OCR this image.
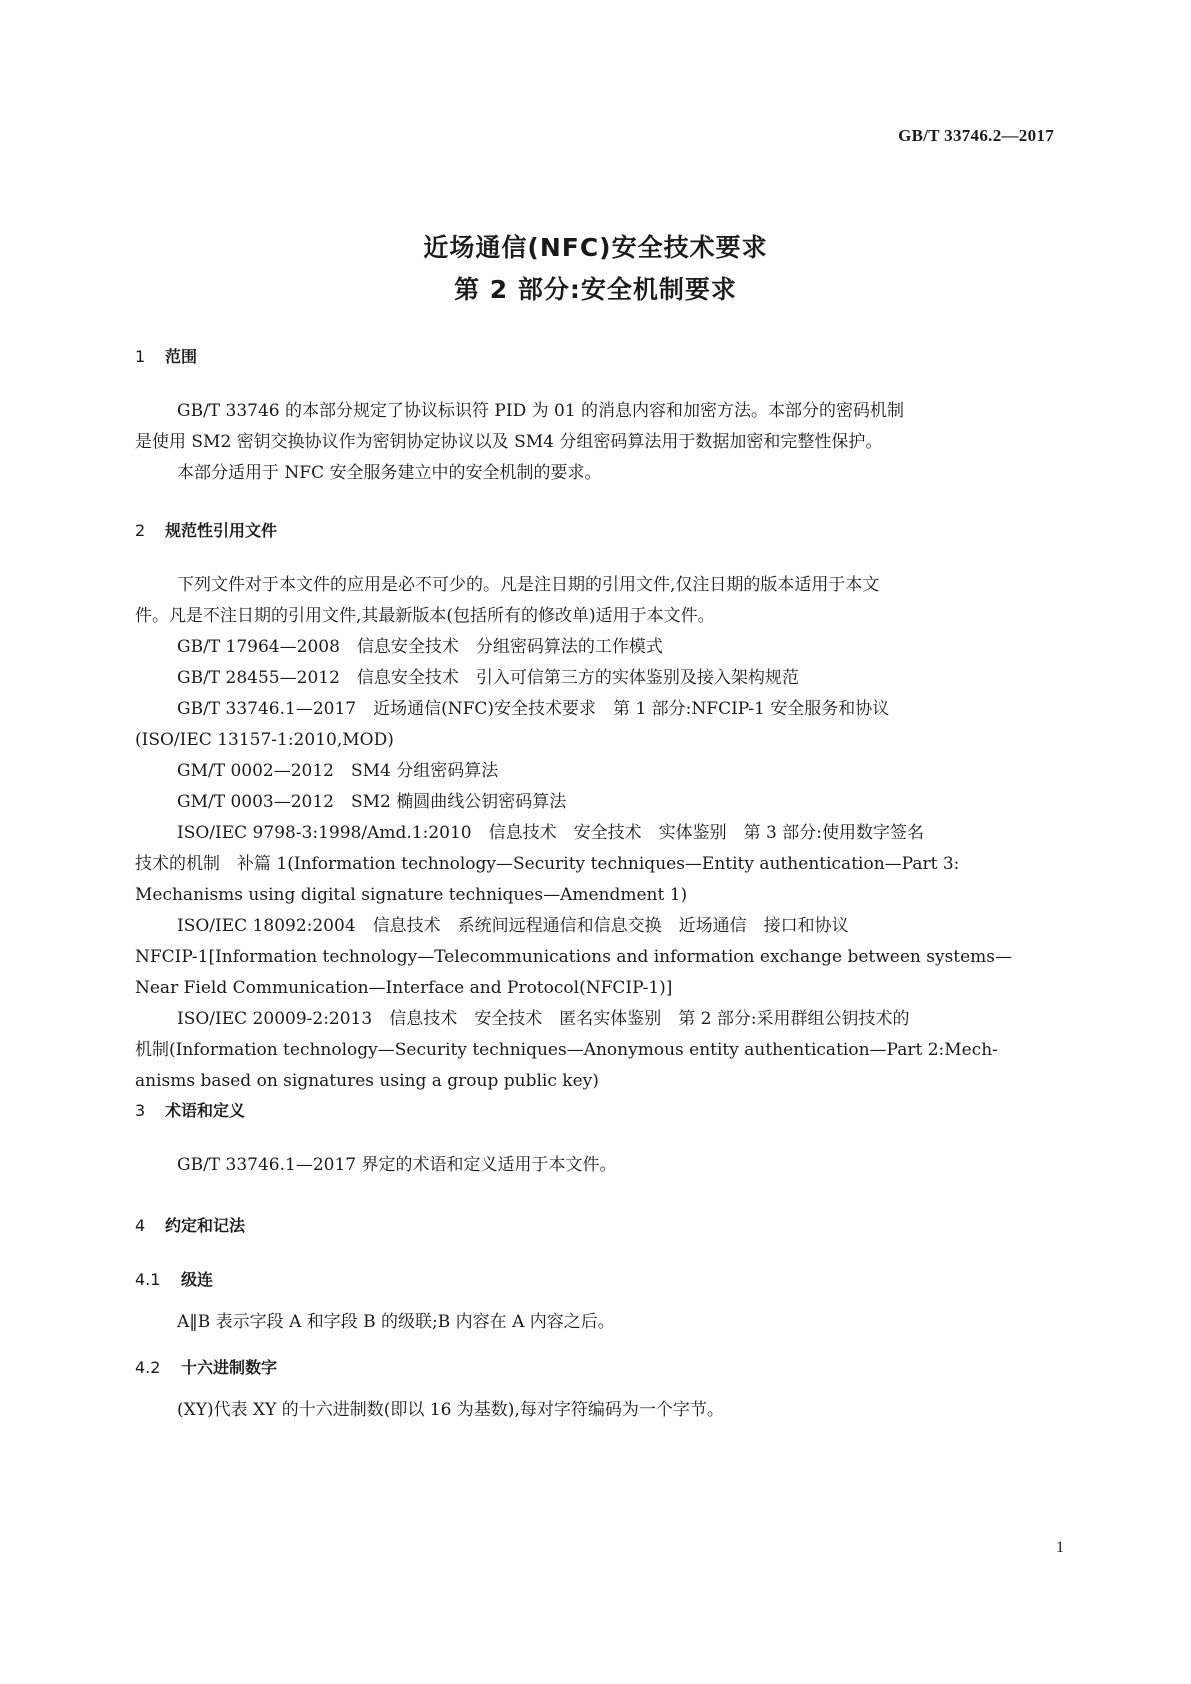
GB/T 33746.2—2017
近场通信(NFC)安全技术要求
第 2 部分:安全机制要求
1 范围
GB/T 33746 的本部分规定了协议标识符 PID 为 01 的消息内容和加密方法。本部分的密码机制
是使用 SM2 密钥交换协议作为密钥协定协议以及 SM4 分组密码算法用于数据加密和完整性保护。
本部分适用于 NFC 安全服务建立中的安全机制的要求。
2 规范性引用文件
下列文件对于本文件的应用是必不可少的。凡是注日期的引用文件,仅注日期的版本适用于本文
件。凡是不注日期的引用文件,其最新版本(包括所有的修改单)适用于本文件。
GB/T 17964—2008　信息安全技术　分组密码算法的工作模式
GB/T 28455—2012　信息安全技术　引入可信第三方的实体鉴别及接入架构规范
GB/T 33746.1—2017　近场通信(NFC)安全技术要求　第 1 部分:NFCIP-1 安全服务和协议
(ISO/IEC 13157-1:2010,MOD)
GM/T 0002—2012　SM4 分组密码算法
GM/T 0003—2012　SM2 椭圆曲线公钥密码算法
ISO/IEC 9798-3:1998/Amd.1:2010　信息技术　安全技术　实体鉴别　第 3 部分:使用数字签名
技术的机制　补篇 1(Information technology—Security techniques—Entity authentication—Part 3:
Mechanisms using digital signature techniques—Amendment 1)
ISO/IEC 18092:2004　信息技术　系统间远程通信和信息交换　近场通信　接口和协议
NFCIP-1[Information technology—Telecommunications and information exchange between systems—
Near Field Communication—Interface and Protocol(NFCIP-1)]
ISO/IEC 20009-2:2013　信息技术　安全技术　匿名实体鉴别　第 2 部分:采用群组公钥技术的
机制(Information technology—Security techniques—Anonymous entity authentication—Part 2:Mech-
anisms based on signatures using a group public key)
3 术语和定义
GB/T 33746.1—2017 界定的术语和定义适用于本文件。
4 约定和记法
4.1 级连
A‖B 表示字段 A 和字段 B 的级联;B 内容在 A 内容之后。
4.2 十六进制数字
(XY)代表 XY 的十六进制数(即以 16 为基数),每对字符编码为一个字节。
1
